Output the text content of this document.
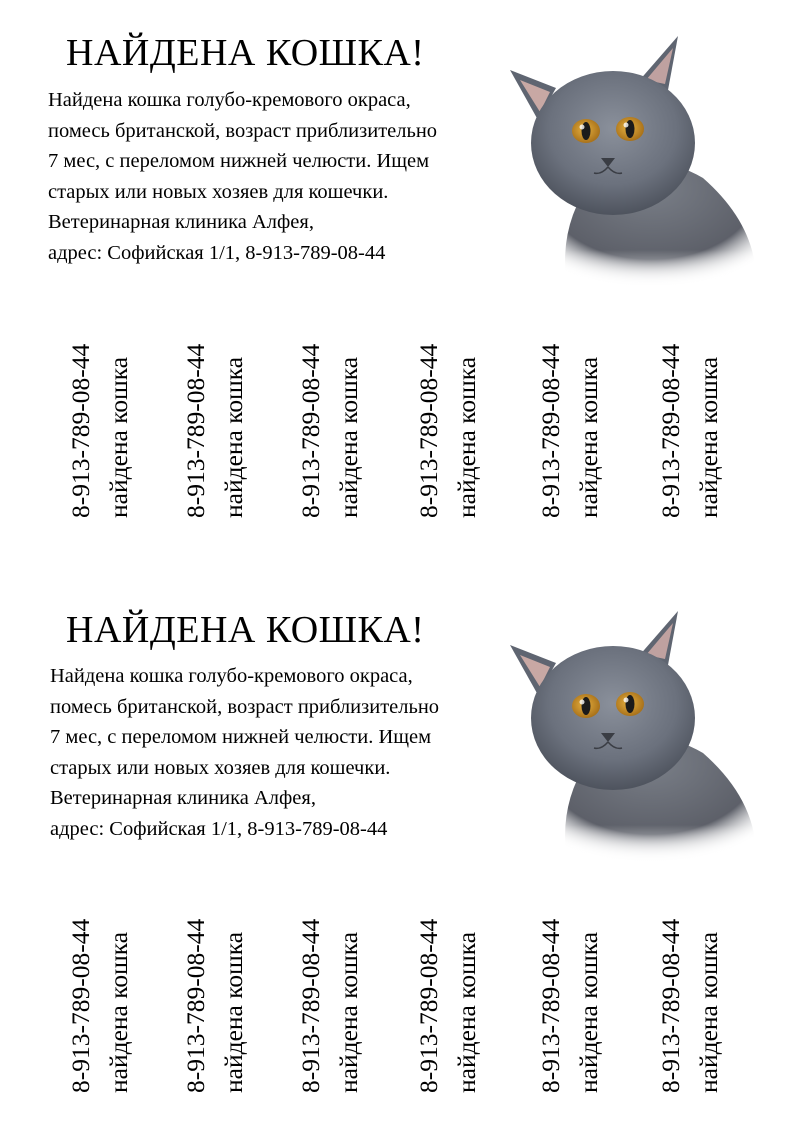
НАЙДЕНА КОШКА!
Найдена кошка голубо-кремового окраса,
помесь британской, возраст приблизительно
7 мес, с переломом нижней челюсти. Ищем
старых или новых хозяев для кошечки.
Ветеринарная клиника Алфея,
адрес: Софийская 1/1, 8-913-789-08-44
8-913-789-08-44 найдена кошка 8-913-789-08-44 найдена кошка 8-913-789-08-44 найдена кошка 8-913-789-08-44 найдена кошка 8-913-789-08-44 найдена кошка 8-913-789-08-44 найдена кошка
НАЙДЕНА КОШКА!
Найдена кошка голубо-кремового окраса,
помесь британской, возраст приблизительно
7 мес, с переломом нижней челюсти. Ищем
старых или новых хозяев для кошечки.
Ветеринарная клиника Алфея,
адрес: Софийская 1/1, 8-913-789-08-44
8-913-789-08-44 найдена кошка 8-913-789-08-44 найдена кошка 8-913-789-08-44 найдена кошка 8-913-789-08-44 найдена кошка 8-913-789-08-44 найдена кошка 8-913-789-08-44 найдена кошка
